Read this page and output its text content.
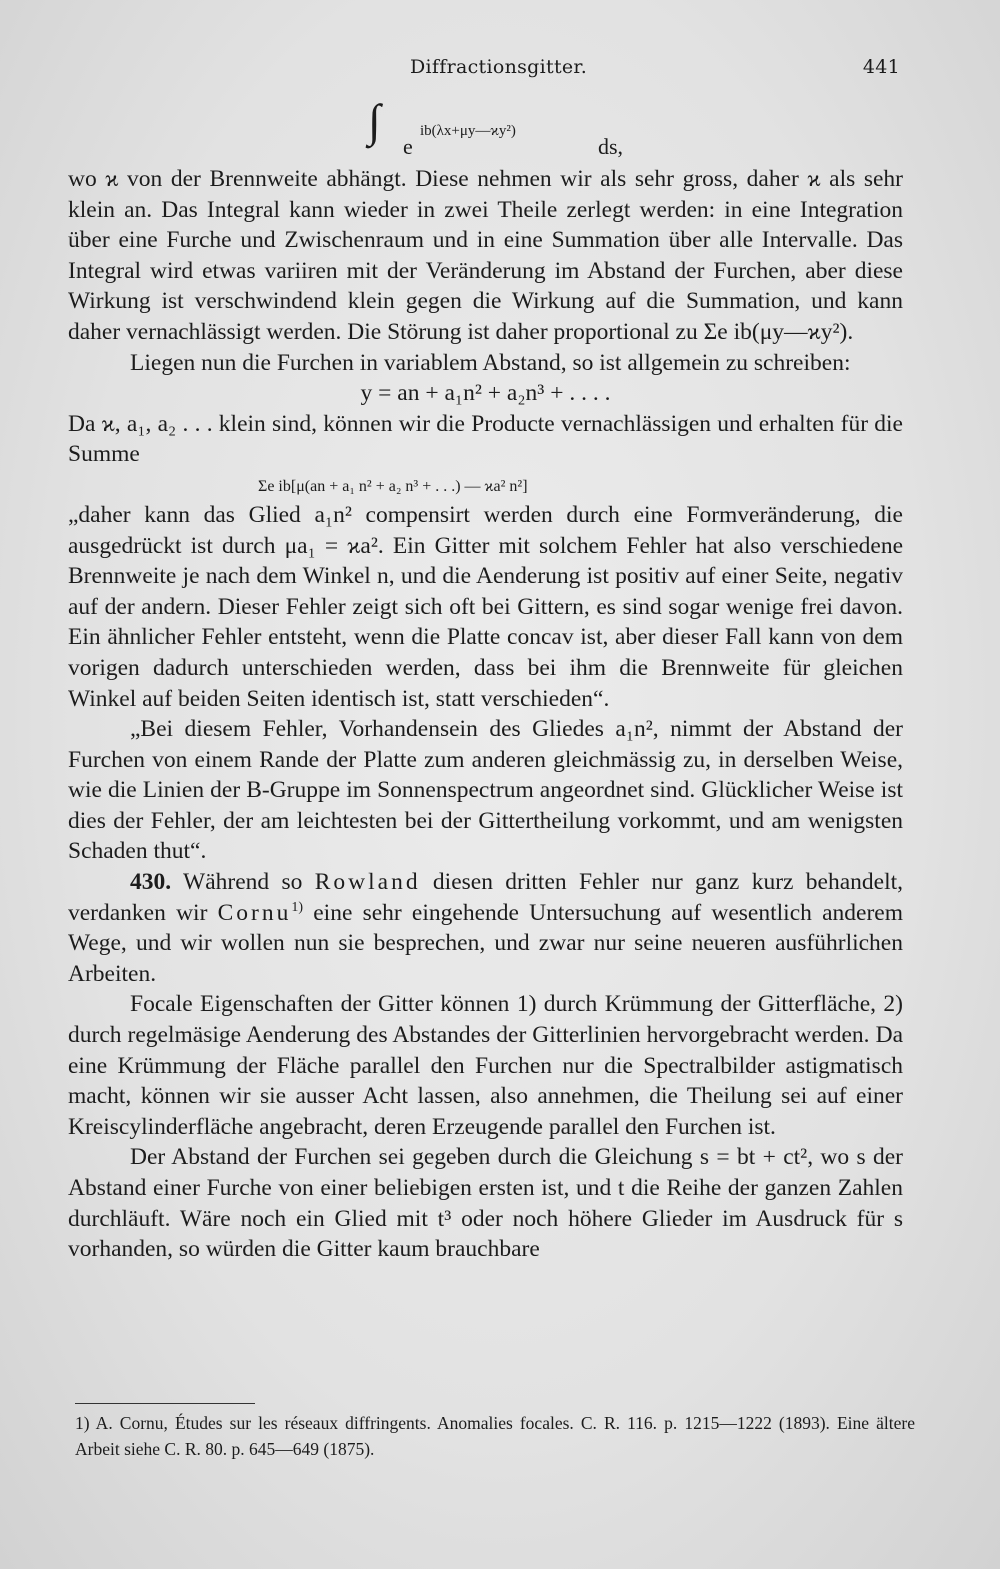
Diffractionsgitter.	441
∫
e
ib(λx+μy—ϰy²)
ds,

wo ϰ von der Brennweite abhängt. Diese nehmen wir als sehr gross, daher ϰ als sehr klein an. Das Integral kann wieder in zwei Theile zerlegt werden: in eine Integration über eine Furche und Zwischenraum und in eine Summation über alle Intervalle. Das Integral wird etwas variiren mit der Veränderung im Abstand der Furchen, aber diese Wirkung ist verschwindend klein gegen die Wirkung auf die Summation, und kann daher vernachlässigt werden. Die Störung ist daher proportional zu Σe ib(μy—ϰy²).

Liegen nun die Furchen in variablem Abstand, so ist allgemein zu schreiben:

y = an + a₁n² + a₂n³ + . . . .

Da ϰ, a₁, a₂ . . . klein sind, können wir die Producte vernachlässigen und erhalten für die Summe

Σe ib[μ(an + a₁ n² + a₂ n³ + . . .) — ϰa² n²]

„daher kann das Glied a₁n² compensirt werden durch eine Formveränderung, die ausgedrückt ist durch μa₁ = ϰa². Ein Gitter mit solchem Fehler hat also verschiedene Brennweite je nach dem Winkel n, und die Aenderung ist positiv auf einer Seite, negativ auf der andern. Dieser Fehler zeigt sich oft bei Gittern, es sind sogar wenige frei davon. Ein ähnlicher Fehler entsteht, wenn die Platte concav ist, aber dieser Fall kann von dem vorigen dadurch unterschieden werden, dass bei ihm die Brennweite für gleichen Winkel auf beiden Seiten identisch ist, statt verschieden“.

„Bei diesem Fehler, Vorhandensein des Gliedes a₁n², nimmt der Abstand der Furchen von einem Rande der Platte zum anderen gleichmässig zu, in derselben Weise, wie die Linien der B-Gruppe im Sonnenspectrum angeordnet sind. Glücklicher Weise ist dies der Fehler, der am leichtesten bei der Gittertheilung vorkommt, und am wenigsten Schaden thut“.

430. Während so Rowland diesen dritten Fehler nur ganz kurz behandelt, verdanken wir Cornu$^{1)}$ eine sehr eingehende Untersuchung auf wesentlich anderem Wege, und wir wollen nun sie besprechen, und zwar nur seine neueren ausführlichen Arbeiten.

Focale Eigenschaften der Gitter können 1) durch Krümmung der Gitterfläche, 2) durch regelmäsige Aenderung des Abstandes der Gitterlinien hervorgebracht werden. Da eine Krümmung der Fläche parallel den Furchen nur die Spectralbilder astigmatisch macht, können wir sie ausser Acht lassen, also annehmen, die Theilung sei auf einer Kreiscylinderfläche angebracht, deren Erzeugende parallel den Furchen ist.

Der Abstand der Furchen sei gegeben durch die Gleichung s = bt + ct², wo s der Abstand einer Furche von einer beliebigen ersten ist, und t die Reihe der ganzen Zahlen durchläuft. Wäre noch ein Glied mit t³ oder noch höhere Glieder im Ausdruck für s vorhanden, so würden die Gitter kaum brauchbare

1) A. Cornu, Études sur les réseaux diffringents. Anomalies focales. C. R. 116. p. 1215—1222 (1893). Eine ältere Arbeit siehe C. R. 80. p. 645—649 (1875).
